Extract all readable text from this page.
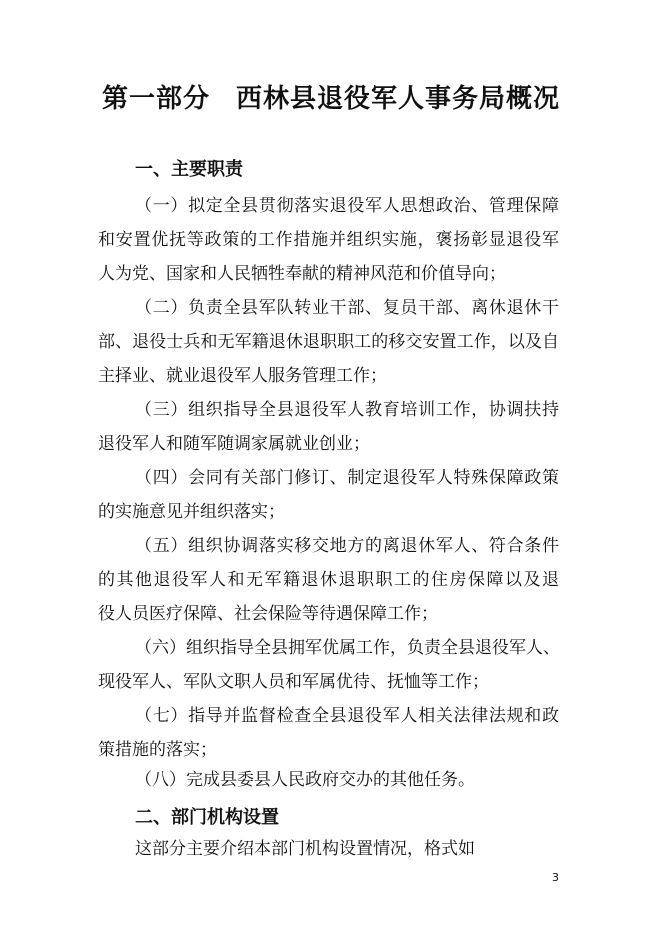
第一部分 西林县退役军人事务局概况
一、主要职责

（一）拟定全县贯彻落实退役军人思想政治、管理保障

和安置优抚等政策的工作措施并组织实施，褒扬彰显退役军

人为党、国家和人民牺牲奉献的精神风范和价值导向；

（二）负责全县军队转业干部、复员干部、离休退休干

部、退役士兵和无军籍退休退职职工的移交安置工作，以及自

主择业、就业退役军人服务管理工作；

（三）组织指导全县退役军人教育培训工作，协调扶持

退役军人和随军随调家属就业创业；

（四）会同有关部门修订、制定退役军人特殊保障政策

的实施意见并组织落实；

（五）组织协调落实移交地方的离退休军人、符合条件

的其他退役军人和无军籍退休退职职工的住房保障以及退

役人员医疗保障、社会保险等待遇保障工作；

（六）组织指导全县拥军优属工作，负责全县退役军人、

现役军人、军队文职人员和军属优待、抚恤等工作；

（七）指导并监督检查全县退役军人相关法律法规和政

策措施的落实；

（八）完成县委县人民政府交办的其他任务。

二、部门机构设置

这部分主要介绍本部门机构设置情况，格式如

3
